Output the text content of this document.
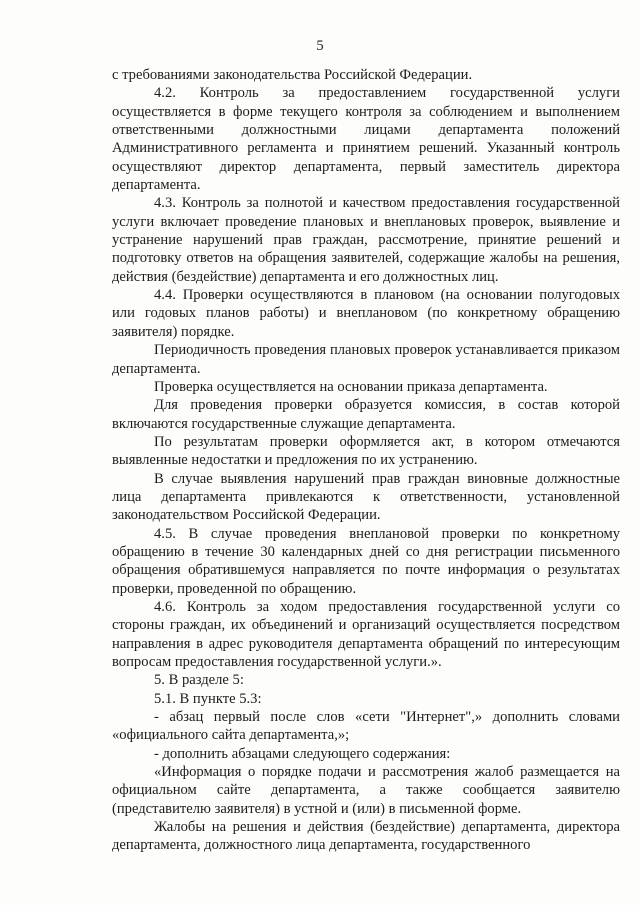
5

с требованиями законодательства Российской Федерации.

4.2. Контроль за предоставлением государственной услуги осуществляется в форме текущего контроля за соблюдением и выполнением ответственными должностными лицами департамента положений Административного регламента и принятием решений. Указанный контроль осуществляют директор департамента, первый заместитель директора департамента.

4.3. Контроль за полнотой и качеством предоставления государственной услуги включает проведение плановых и внеплановых проверок, выявление и устранение нарушений прав граждан, рассмотрение, принятие решений и подготовку ответов на обращения заявителей, содержащие жалобы на решения, действия (бездействие) департамента и его должностных лиц.

4.4. Проверки осуществляются в плановом (на основании полугодовых или годовых планов работы) и внеплановом (по конкретному обращению заявителя) порядке.

Периодичность проведения плановых проверок устанавливается приказом департамента.

Проверка осуществляется на основании приказа департамента.

Для проведения проверки образуется комиссия, в состав которой включаются государственные служащие департамента.

По результатам проверки оформляется акт, в котором отмечаются выявленные недостатки и предложения по их устранению.

В случае выявления нарушений прав граждан виновные должностные лица департамента привлекаются к ответственности, установленной законодательством Российской Федерации.

4.5. В случае проведения внеплановой проверки по конкретному обращению в течение 30 календарных дней со дня регистрации письменного обращения обратившемуся направляется по почте информация о результатах проверки, проведенной по обращению.

4.6. Контроль за ходом предоставления государственной услуги со стороны граждан, их объединений и организаций осуществляется посредством направления в адрес руководителя департамента обращений по интересующим вопросам предоставления государственной услуги.».

5. В разделе 5:

5.1. В пункте 5.3:

- абзац первый после слов «сети "Интернет",» дополнить словами «официального сайта департамента,»;

- дополнить абзацами следующего содержания:

«Информация о порядке подачи и рассмотрения жалоб размещается на официальном сайте департамента, а также сообщается заявителю (представителю заявителя) в устной и (или) в письменной форме.

Жалобы на решения и действия (бездействие) департамента, директора департамента, должностного лица департамента, государственного
